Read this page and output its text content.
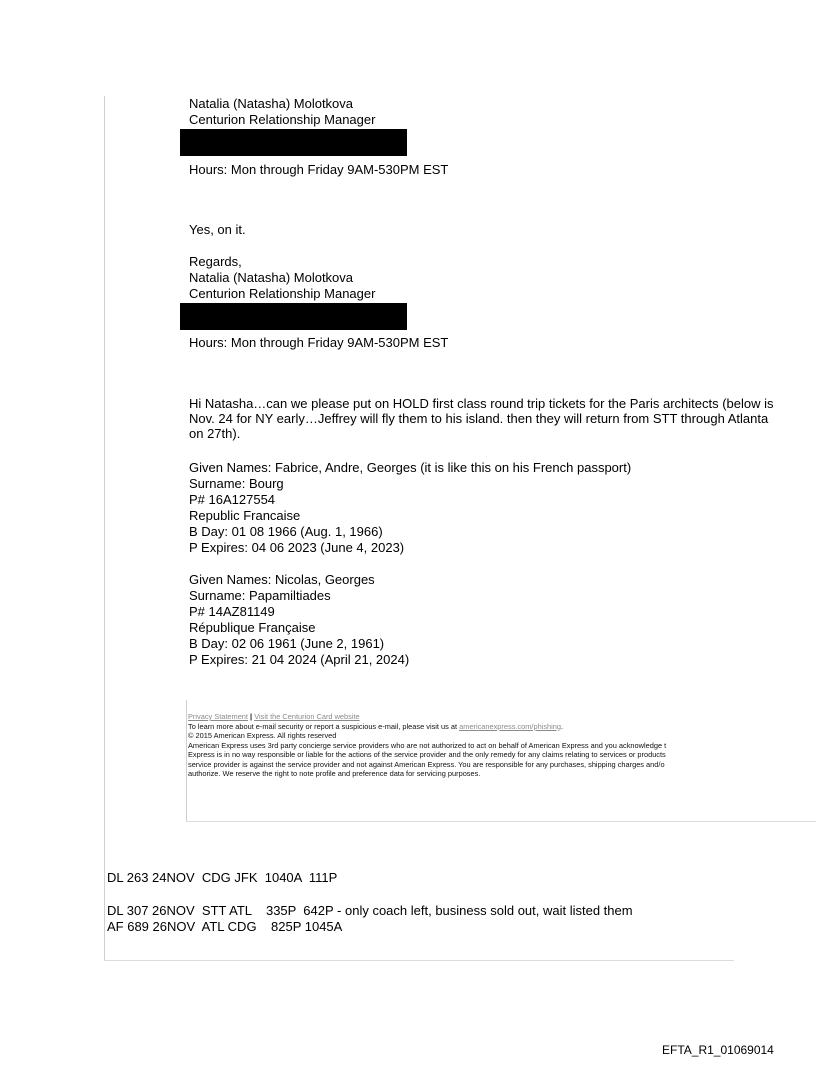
Natalia (Natasha) Molotkova
Centurion Relationship Manager
Hours: Mon through Friday 9AM-530PM EST
Yes, on it.
Regards,
Natalia (Natasha) Molotkova
Centurion Relationship Manager
Hours: Mon through Friday 9AM-530PM EST
Hi Natasha…can we please put on HOLD first class round trip tickets for the Paris architects (below is
Nov. 24 for NY early…Jeffrey will fly them to his island. then they will return from STT through Atlanta
on 27th).
Given Names: Fabrice, Andre, Georges (it is like this on his French passport)
Surname: Bourg
P# 16A127554
Republic Francaise
B Day: 01 08 1966 (Aug. 1, 1966)
P Expires: 04 06 2023 (June 4, 2023)
Given Names: Nicolas, Georges
Surname: Papamiltiades
P# 14AZ81149
République Française
B Day: 02 06 1961 (June 2, 1961)
P Expires: 21 04 2024 (April 21, 2024)
Privacy Statement | Visit the Centurion Card website
To learn more about e-mail security or report a suspicious e-mail, please visit us at americanexpress.com/phishing.
© 2015 American Express. All rights reserved
American Express uses 3rd party concierge service providers who are not authorized to act on behalf of American Express and you acknowledge t
Express is in no way responsible or liable for the actions of the service provider and the only remedy for any claims relating to services or products
service provider is against the service provider and not against American Express. You are responsible for any purchases, shipping charges and/o
authorize. We reserve the right to note profile and preference data for servicing purposes.
DL 263 24NOV  CDG JFK  1040A  111P
DL 307 26NOV  STT ATL    335P  642P - only coach left, business sold out, wait listed them
AF 689 26NOV  ATL CDG    825P 1045A
EFTA_R1_01069014
